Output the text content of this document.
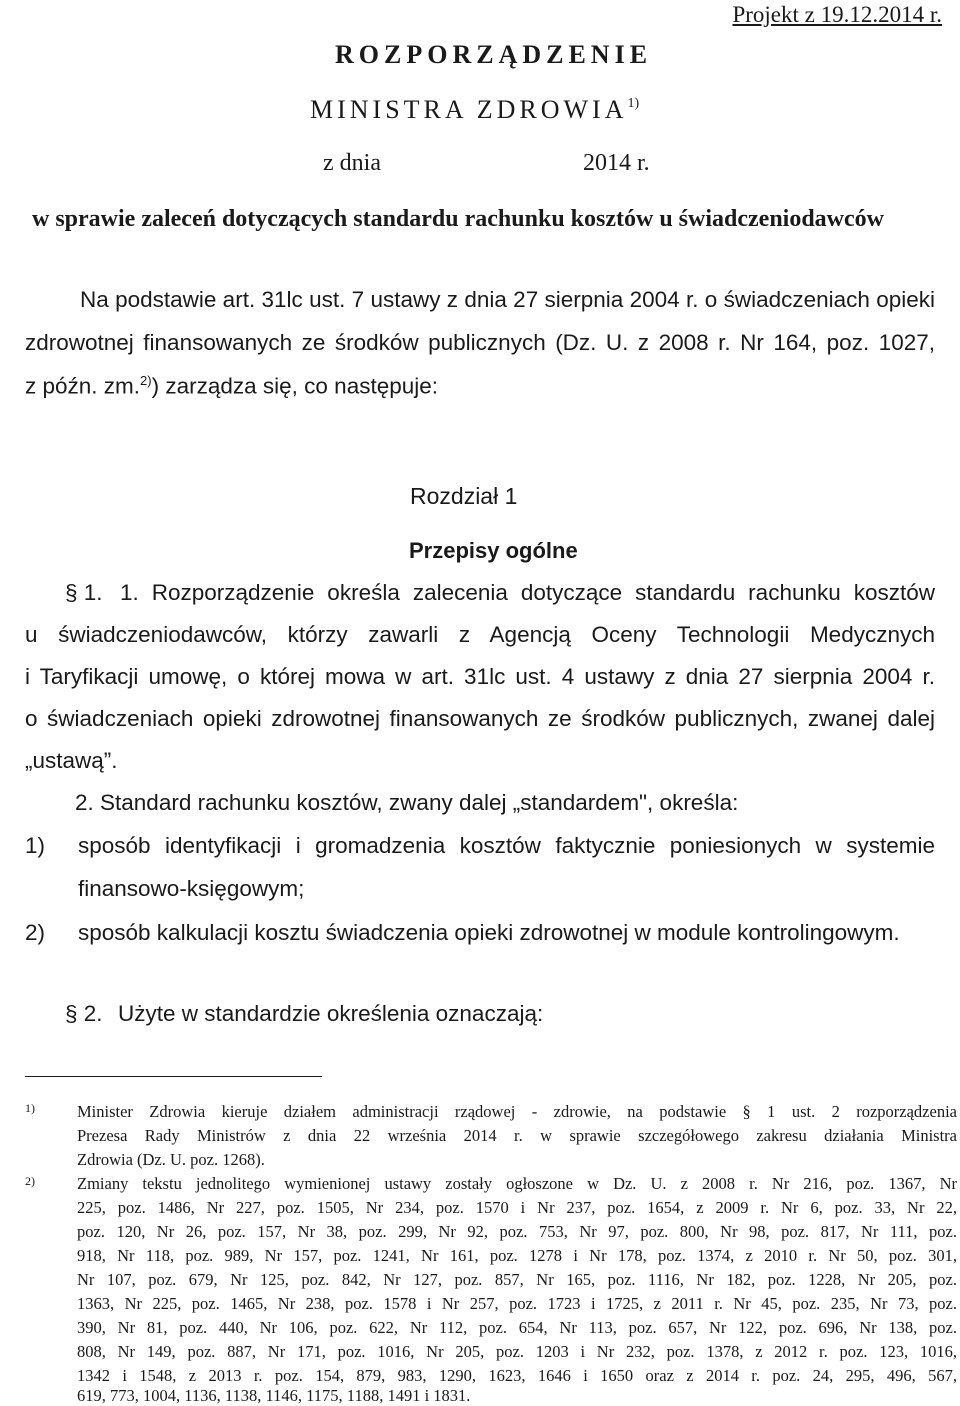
Projekt z 19.12.2014 r.
ROZPORZĄDZENIE
MINISTRA ZDROWIA$^{1)}$
z dnia	2014 r.
w sprawie zaleceń dotyczących standardu rachunku kosztów u świadczeniodawców
Na podstawie art. 31lc ust. 7 ustawy z dnia 27 sierpnia 2004 r. o świadczeniach opieki
zdrowotnej finansowanych ze środków publicznych (Dz. U. z 2008 r. Nr 164, poz. 1027,
z późn. zm.$^{2)}$) zarządza się, co następuje:
Rozdział 1
Przepisy ogólne
§ 1. 1. Rozporządzenie określa zalecenia dotyczące standardu rachunku kosztów
u świadczeniodawców, którzy zawarli z Agencją Oceny Technologii Medycznych
i Taryfikacji umowę, o której mowa w art. 31lc ust. 4 ustawy z dnia 27 sierpnia 2004 r.
o świadczeniach opieki zdrowotnej finansowanych ze środków publicznych, zwanej dalej
„ustawą”.
2. Standard rachunku kosztów, zwany dalej „standardem", określa:
1) sposób identyfikacji i gromadzenia kosztów faktycznie poniesionych w systemie
finansowo-księgowym;
2) sposób kalkulacji kosztu świadczenia opieki zdrowotnej w module kontrolingowym.
§ 2. Użyte w standardzie określenia oznaczają:
1)	Minister Zdrowia kieruje działem administracji rządowej - zdrowie, na podstawie § 1 ust. 2 rozporządzenia
Prezesa Rady Ministrów z dnia 22 września 2014 r. w sprawie szczegółowego zakresu działania Ministra
Zdrowia (Dz. U. poz. 1268).
2)	Zmiany tekstu jednolitego wymienionej ustawy zostały ogłoszone w Dz. U. z 2008 r. Nr 216, poz. 1367, Nr
225, poz. 1486, Nr 227, poz. 1505, Nr 234, poz. 1570 i Nr 237, poz. 1654, z 2009 r. Nr 6, poz. 33, Nr 22,
poz. 120, Nr 26, poz. 157, Nr 38, poz. 299, Nr 92, poz. 753, Nr 97, poz. 800, Nr 98, poz. 817, Nr 111, poz.
918, Nr 118, poz. 989, Nr 157, poz. 1241, Nr 161, poz. 1278 i Nr 178, poz. 1374, z 2010 r. Nr 50, poz. 301,
Nr 107, poz. 679, Nr 125, poz. 842, Nr 127, poz. 857, Nr 165, poz. 1116, Nr 182, poz. 1228, Nr 205, poz.
1363, Nr 225, poz. 1465, Nr 238, poz. 1578 i Nr 257, poz. 1723 i 1725, z 2011 r. Nr 45, poz. 235, Nr 73, poz.
390, Nr 81, poz. 440, Nr 106, poz. 622, Nr 112, poz. 654, Nr 113, poz. 657, Nr 122, poz. 696, Nr 138, poz.
808, Nr 149, poz. 887, Nr 171, poz. 1016, Nr 205, poz. 1203 i Nr 232, poz. 1378, z 2012 r. poz. 123, 1016,
1342 i 1548, z 2013 r. poz. 154, 879, 983, 1290, 1623, 1646 i 1650 oraz z 2014 r. poz. 24, 295, 496, 567,
619, 773, 1004, 1136, 1138, 1146, 1175, 1188, 1491 i 1831.
